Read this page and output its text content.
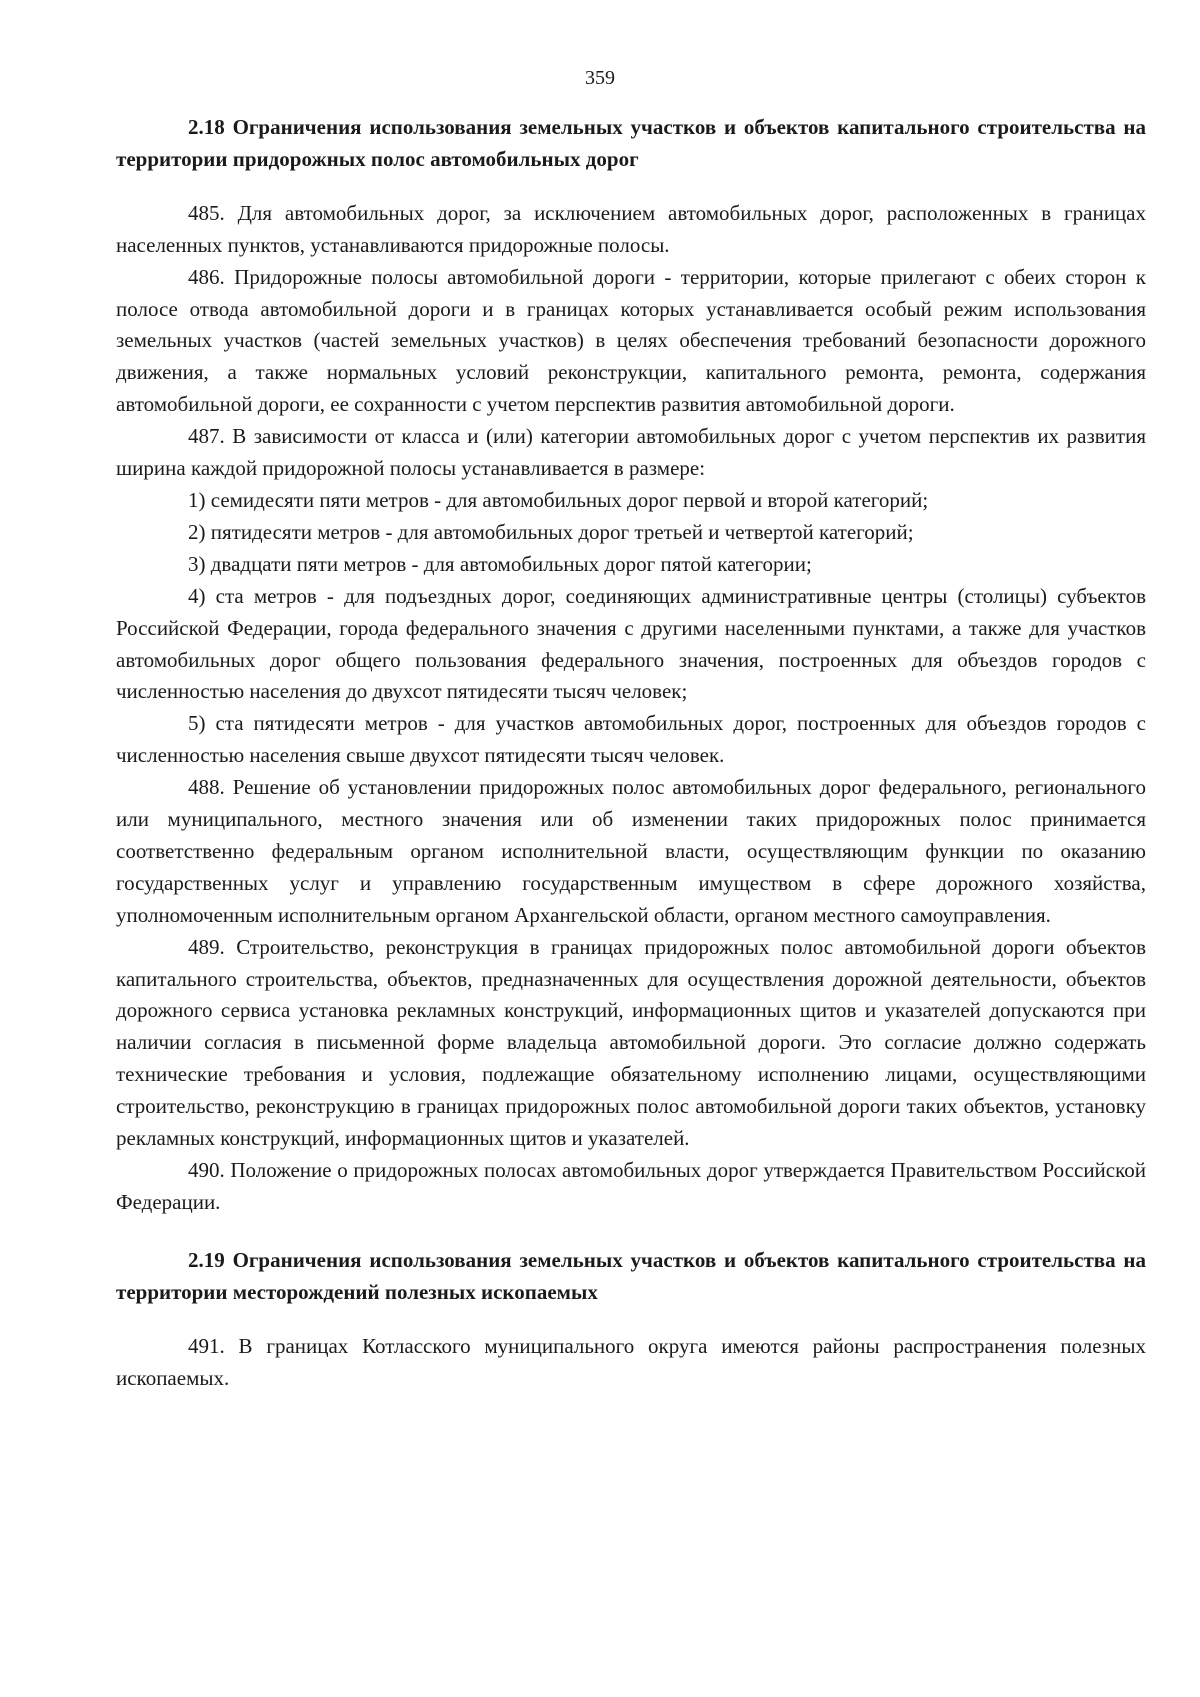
359
2.18 Ограничения использования земельных участков и объектов капитального строительства на территории придорожных полос автомобильных дорог

485. Для автомобильных дорог, за исключением автомобильных дорог, расположенных в границах населенных пунктов, устанавливаются придорожные полосы.

486. Придорожные полосы автомобильной дороги - территории, которые прилегают с обеих сторон к полосе отвода автомобильной дороги и в границах которых устанавливается особый режим использования земельных участков (частей земельных участков) в целях обеспечения требований безопасности дорожного движения, а также нормальных условий реконструкции, капитального ремонта, ремонта, содержания автомобильной дороги, ее сохранности с учетом перспектив развития автомобильной дороги.

487. В зависимости от класса и (или) категории автомобильных дорог с учетом перспектив их развития ширина каждой придорожной полосы устанавливается в размере:

1) семидесяти пяти метров - для автомобильных дорог первой и второй категорий;

2) пятидесяти метров - для автомобильных дорог третьей и четвертой категорий;

3) двадцати пяти метров - для автомобильных дорог пятой категории;

4) ста метров - для подъездных дорог, соединяющих административные центры (столицы) субъектов Российской Федерации, города федерального значения с другими населенными пунктами, а также для участков автомобильных дорог общего пользования федерального значения, построенных для объездов городов с численностью населения до двухсот пятидесяти тысяч человек;

5) ста пятидесяти метров - для участков автомобильных дорог, построенных для объездов городов с численностью населения свыше двухсот пятидесяти тысяч человек.

488. Решение об установлении придорожных полос автомобильных дорог федерального, регионального или муниципального, местного значения или об изменении таких придорожных полос принимается соответственно федеральным органом исполнительной власти, осуществляющим функции по оказанию государственных услуг и управлению государственным имуществом в сфере дорожного хозяйства, уполномоченным исполнительным органом Архангельской области, органом местного самоуправления.

489. Строительство, реконструкция в границах придорожных полос автомобильной дороги объектов капитального строительства, объектов, предназначенных для осуществления дорожной деятельности, объектов дорожного сервиса установка рекламных конструкций, информационных щитов и указателей допускаются при наличии согласия в письменной форме владельца автомобильной дороги. Это согласие должно содержать технические требования и условия, подлежащие обязательному исполнению лицами, осуществляющими строительство, реконструкцию в границах придорожных полос автомобильной дороги таких объектов, установку рекламных конструкций, информационных щитов и указателей.

490. Положение о придорожных полосах автомобильных дорог утверждается Правительством Российской Федерации.

2.19 Ограничения использования земельных участков и объектов капитального строительства на территории месторождений полезных ископаемых

491. В границах Котласского муниципального округа имеются районы распространения полезных ископаемых.
